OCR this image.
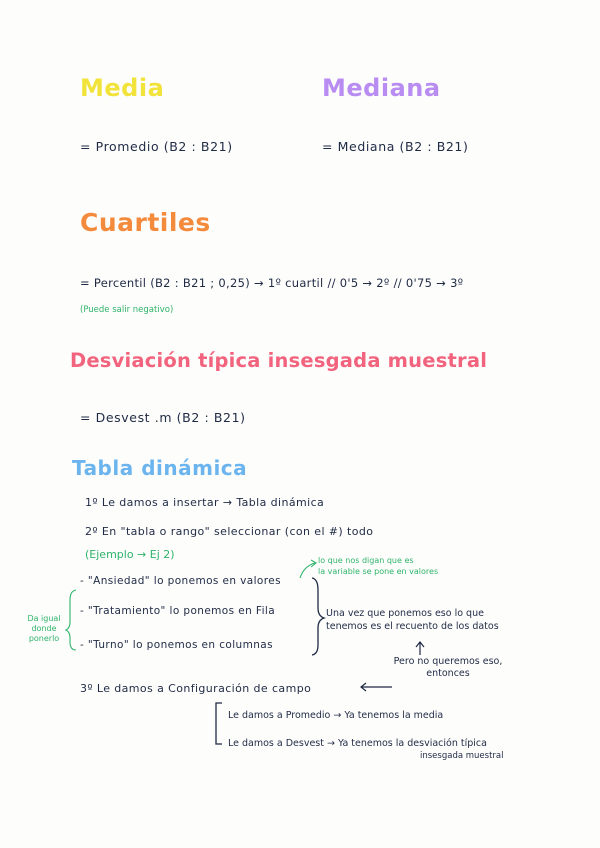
Media	Mediana
= Promedio (B2 : B21)	= Mediana (B2 : B21)
Cuartiles
= Percentil (B2 : B21 ; 0,25) → 1º cuartil // 0'5 → 2º // 0'75 → 3º
(Puede salir negativo)
Desviación típica insesgada muestral
= Desvest .m (B2 : B21)
Tabla dinámica
1º Le damos a insertar → Tabla dinámica
2º En "tabla o rango" seleccionar (con el #) todo
(Ejemplo → Ej 2)
- "Ansiedad" lo ponemos en valores
- "Tratamiento" lo ponemos en Fila
- "Turno" lo ponemos en columnas
Da igual
donde
ponerlo
lo que nos digan que es
la variable se pone en valores
Una vez que ponemos eso lo que
tenemos es el recuento de los datos
Pero no queremos eso,
entonces
3º Le damos a Configuración de campo
Le damos a Promedio → Ya tenemos la media
Le damos a Desvest → Ya tenemos la desviación típica
insesgada muestral
